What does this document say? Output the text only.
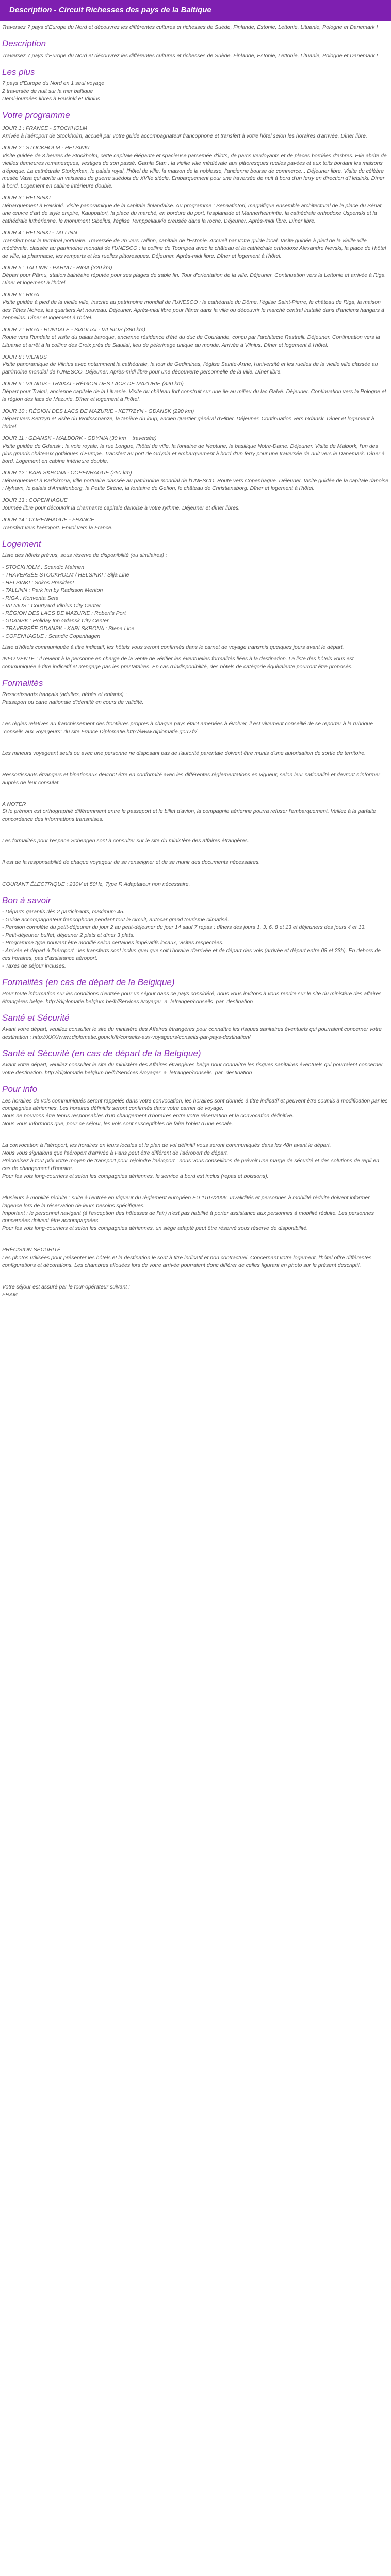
Description - Circuit Richesses des pays de la Baltique

Traversez 7 pays d'Europe du Nord et découvrez les différentes cultures et richesses de Suède, Finlande, Estonie, Lettonie, Lituanie, Pologne et Danemark !

Description

Traversez 7 pays d'Europe du Nord et découvrez les différentes cultures et richesses de Suède, Finlande, Estonie, Lettonie, Lituanie, Pologne et Danemark !

Les plus

7 pays d'Europe du Nord en 1 seul voyage

2 traversée de nuit sur la mer baltique

Demi-journées libres à Helsinki et Vilnius

Votre programme

JOUR 1 : FRANCE - STOCKHOLM

Arrivée à l'aéroport de Stockholm, accueil par votre guide accompagnateur francophone et transfert à votre hôtel selon les horaires d'arrivée. Dîner libre.

JOUR 2 : STOCKHOLM - HELSINKI

Visite guidée de 3 heures de Stockholm, cette capitale élégante et spacieuse parsemée d'îlots, de parcs verdoyants et de places bordées d'arbres. Elle abrite de vieilles demeures romanesques, vestiges de son passé. Gamla Stan : la vieille ville médiévale aux pittoresques ruelles pavées et aux toits bordant les maisons d'époque. La cathédrale Storkyrkan, le palais royal, l'hôtel de ville, la maison de la noblesse, l'ancienne bourse de commerce... Déjeuner libre. Visite du célèbre musée Vasa qui abrite un vaisseau de guerre suédois du XVIIe siècle. Embarquement pour une traversée de nuit à bord d'un ferry en direction d'Helsinki. Dîner à bord. Logement en cabine intérieure double.

JOUR 3 : HELSINKI

Débarquement à Helsinki. Visite panoramique de la capitale finlandaise. Au programme : Senaatintori, magnifique ensemble architectural de la place du Sénat, une œuvre d'art de style empire, Kauppatori, la place du marché, en bordure du port, l'esplanade et Mannerheimintie, la cathédrale orthodoxe Uspenski et la cathédrale luthérienne, le monument Sibelius, l'église Temppeliaukio creusée dans la roche. Déjeuner. Après-midi libre. Dîner libre.

JOUR 4 : HELSINKI - TALLINN

Transfert pour le terminal portuaire. Traversée de 2h vers Tallinn, capitale de l'Estonie. Accueil par votre guide local. Visite guidée à pied de la vieille ville médiévale, classée au patrimoine mondial de l'UNESCO : la colline de Toompea avec le château et la cathédrale orthodoxe Alexandre Nevski, la place de l'hôtel de ville, la pharmacie, les remparts et les ruelles pittoresques. Déjeuner. Après-midi libre. Dîner et logement à l'hôtel.

JOUR 5 : TALLINN - PÄRNU - RIGA (320 km)

Départ pour Pärnu, station balnéaire réputée pour ses plages de sable fin. Tour d'orientation de la ville. Déjeuner. Continuation vers la Lettonie et arrivée à Riga. Dîner et logement à l'hôtel.

JOUR 6 : RIGA

Visite guidée à pied de la vieille ville, inscrite au patrimoine mondial de l'UNESCO : la cathédrale du Dôme, l'église Saint-Pierre, le château de Riga, la maison des Têtes Noires, les quartiers Art nouveau. Déjeuner. Après-midi libre pour flâner dans la ville ou découvrir le marché central installé dans d'anciens hangars à zeppelins. Dîner et logement à l'hôtel.

JOUR 7 : RIGA - RUNDALE - SIAULIAI - VILNIUS (380 km)

Route vers Rundale et visite du palais baroque, ancienne résidence d'été du duc de Courlande, conçu par l'architecte Rastrelli. Déjeuner. Continuation vers la Lituanie et arrêt à la colline des Croix près de Siauliai, lieu de pèlerinage unique au monde. Arrivée à Vilnius. Dîner et logement à l'hôtel.

JOUR 8 : VILNIUS

Visite panoramique de Vilnius avec notamment la cathédrale, la tour de Gediminas, l'église Sainte-Anne, l'université et les ruelles de la vieille ville classée au patrimoine mondial de l'UNESCO. Déjeuner. Après-midi libre pour une découverte personnelle de la ville. Dîner libre.

JOUR 9 : VILNIUS - TRAKAI - RÉGION DES LACS DE MAZURIE (320 km)

Départ pour Trakai, ancienne capitale de la Lituanie. Visite du château fort construit sur une île au milieu du lac Galvé. Déjeuner. Continuation vers la Pologne et la région des lacs de Mazurie. Dîner et logement à l'hôtel.

JOUR 10 : RÉGION DES LACS DE MAZURIE - KETRZYN - GDANSK (290 km)

Départ vers Ketrzyn et visite du Wolfsschanze, la tanière du loup, ancien quartier général d'Hitler. Déjeuner. Continuation vers Gdansk. Dîner et logement à l'hôtel.

JOUR 11 : GDANSK - MALBORK - GDYNIA (30 km + traversée)

Visite guidée de Gdansk : la voie royale, la rue Longue, l'hôtel de ville, la fontaine de Neptune, la basilique Notre-Dame. Déjeuner. Visite de Malbork, l'un des plus grands châteaux gothiques d'Europe. Transfert au port de Gdynia et embarquement à bord d'un ferry pour une traversée de nuit vers le Danemark. Dîner à bord. Logement en cabine intérieure double.

JOUR 12 : KARLSKRONA - COPENHAGUE (250 km)

Débarquement à Karlskrona, ville portuaire classée au patrimoine mondial de l'UNESCO. Route vers Copenhague. Déjeuner. Visite guidée de la capitale danoise : Nyhavn, le palais d'Amalienborg, la Petite Sirène, la fontaine de Gefion, le château de Christiansborg. Dîner et logement à l'hôtel.

JOUR 13 : COPENHAGUE

Journée libre pour découvrir la charmante capitale danoise à votre rythme. Déjeuner et dîner libres.

JOUR 14 : COPENHAGUE - FRANCE

Transfert vers l'aéroport. Envol vers la France.

Logement

Liste des hôtels prévus, sous réserve de disponibilité (ou similaires) :

- STOCKHOLM : Scandic Malmen

- TRAVERSÉE STOCKHOLM / HELSINKI : Silja Line

- HELSINKI : Sokos President

- TALLINN : Park Inn by Radisson Meriton

- RIGA : Konventa Seta

- VILNIUS : Courtyard Vilnius City Center

- RÉGION DES LACS DE MAZURIE : Robert's Port

- GDANSK : Holiday Inn Gdansk City Center

- TRAVERSÉE GDANSK - KARLSKRONA : Stena Line

- COPENHAGUE : Scandic Copenhagen

Liste d'hôtels communiquée à titre indicatif, les hôtels vous seront confirmés dans le carnet de voyage transmis quelques jours avant le départ.

INFO VENTE : Il revient à la personne en charge de la vente de vérifier les éventuelles formalités liées à la destination. La liste des hôtels vous est communiquée à titre indicatif et n'engage pas les prestataires. En cas d'indisponibilité, des hôtels de catégorie équivalente pourront être proposés.

Formalités

Ressortissants français (adultes, bébés et enfants) :

Passeport ou carte nationale d'identité en cours de validité.

Les règles relatives au franchissement des frontières propres à chaque pays étant amenées à évoluer, il est vivement conseillé de se reporter à la rubrique "conseils aux voyageurs" du site France Diplomatie.http://www.diplomatie.gouv.fr/

Les mineurs voyageant seuls ou avec une personne ne disposant pas de l'autorité parentale doivent être munis d'une autorisation de sortie de territoire.

Ressortissants étrangers et binationaux devront être en conformité avec les différentes réglementations en vigueur, selon leur nationalité et devront s'informer auprès de leur consulat.

A NOTER

Si le prénom est orthographié différemment entre le passeport et le billet d'avion, la compagnie aérienne pourra refuser l'embarquement. Veillez à la parfaite concordance des informations transmises.

Les formalités pour l'espace Schengen sont à consulter sur le site du ministère des affaires étrangères.

Il est de la responsabilité de chaque voyageur de se renseigner et de se munir des documents nécessaires.

COURANT ÉLECTRIQUE : 230V et 50Hz, Type F. Adaptateur non nécessaire.

Bon à savoir

- Départs garantis dès 2 participants, maximum 45.

- Guide accompagnateur francophone pendant tout le circuit, autocar grand tourisme climatisé.

- Pension complète du petit-déjeuner du jour 2 au petit-déjeuner du jour 14 sauf 7 repas : dîners des jours 1, 3, 6, 8 et 13 et déjeuners des jours 4 et 13.

- Petit-déjeuner buffet, déjeuner 2 plats et dîner 3 plats.

- Programme type pouvant être modifié selon certaines impératifs locaux, visites respectées.

- Arrivée et départ à l'aéroport : les transferts sont inclus quel que soit l'horaire d'arrivée et de départ des vols (arrivée et départ entre 08 et 23h). En dehors de ces horaires, pas d'assistance aéroport.

- Taxes de séjour incluses.

Formalités (en cas de départ de la Belgique)

Pour toute information sur les conditions d'entrée pour un séjour dans ce pays considéré, nous vous invitons à vous rendre sur le site du ministère des affaires étrangères belge. http://diplomatie.belgium.be/fr/Services /voyager_a_letranger/conseils_par_destination

Santé et Sécurité

Avant votre départ, veuillez consulter le site du ministère des Affaires étrangères pour connaître les risques sanitaires éventuels qui pourraient concerner votre destination : http://XXX/www.diplomatie.gouv.fr/fr/conseils-aux-voyageurs/conseils-par-pays-destination/

Santé et Sécurité (en cas de départ de la Belgique)

Avant votre départ, veuillez consulter le site du ministère des Affaires étrangères belge pour connaître les risques sanitaires éventuels qui pourraient concerner votre destination. http://diplomatie.belgium.be/fr/Services /voyager_a_letranger/conseils_par_destination

Pour info

Les horaires de vols communiqués seront rappelés dans votre convocation, les horaires sont donnés à titre indicatif et peuvent être soumis à modification par les compagnies aériennes. Les horaires définitifs seront confirmés dans votre carnet de voyage.

Nous ne pouvons être tenus responsables d'un changement d'horaires entre votre réservation et la convocation définitive.

Nous vous informons que, pour ce séjour, les vols sont susceptibles de faire l'objet d'une escale.

La convocation à l'aéroport, les horaires en leurs locales et le plan de vol définitif vous seront communiqués dans les 48h avant le départ.

Nous vous signalons que l'aéroport d'arrivée à Paris peut être différent de l'aéroport de départ.

Préconisez à tout prix votre moyen de transport pour rejoindre l'aéroport : nous vous conseillons de prévoir une marge de sécurité et des solutions de repli en cas de changement d'horaire.

Pour les vols long-courriers et selon les compagnies aériennes, le service à bord est inclus (repas et boissons).

Plusieurs à mobilité réduite : suite à l'entrée en vigueur du règlement européen EU 1107/2006, Invalidités et personnes à mobilité réduite doivent informer l'agence lors de la réservation de leurs besoins spécifiques.

Important : le personnel navigant (à l'exception des hôtesses de l'air) n'est pas habilité à porter assistance aux personnes à mobilité réduite. Les personnes concernées doivent être accompagnées.

Pour les vols long-courriers et selon les compagnies aériennes, un siège adapté peut être réservé sous réserve de disponibilité.

PRÉCISION SÉCURITÉ

Les photos utilisées pour présenter les hôtels et la destination le sont à titre indicatif et non contractuel. Concernant votre logement, l'hôtel offre différentes configurations et décorations. Les chambres allouées lors de votre arrivée pourraient donc différer de celles figurant en photo sur le présent descriptif.

Votre séjour est assuré par le tour-opérateur suivant :

FRAM
